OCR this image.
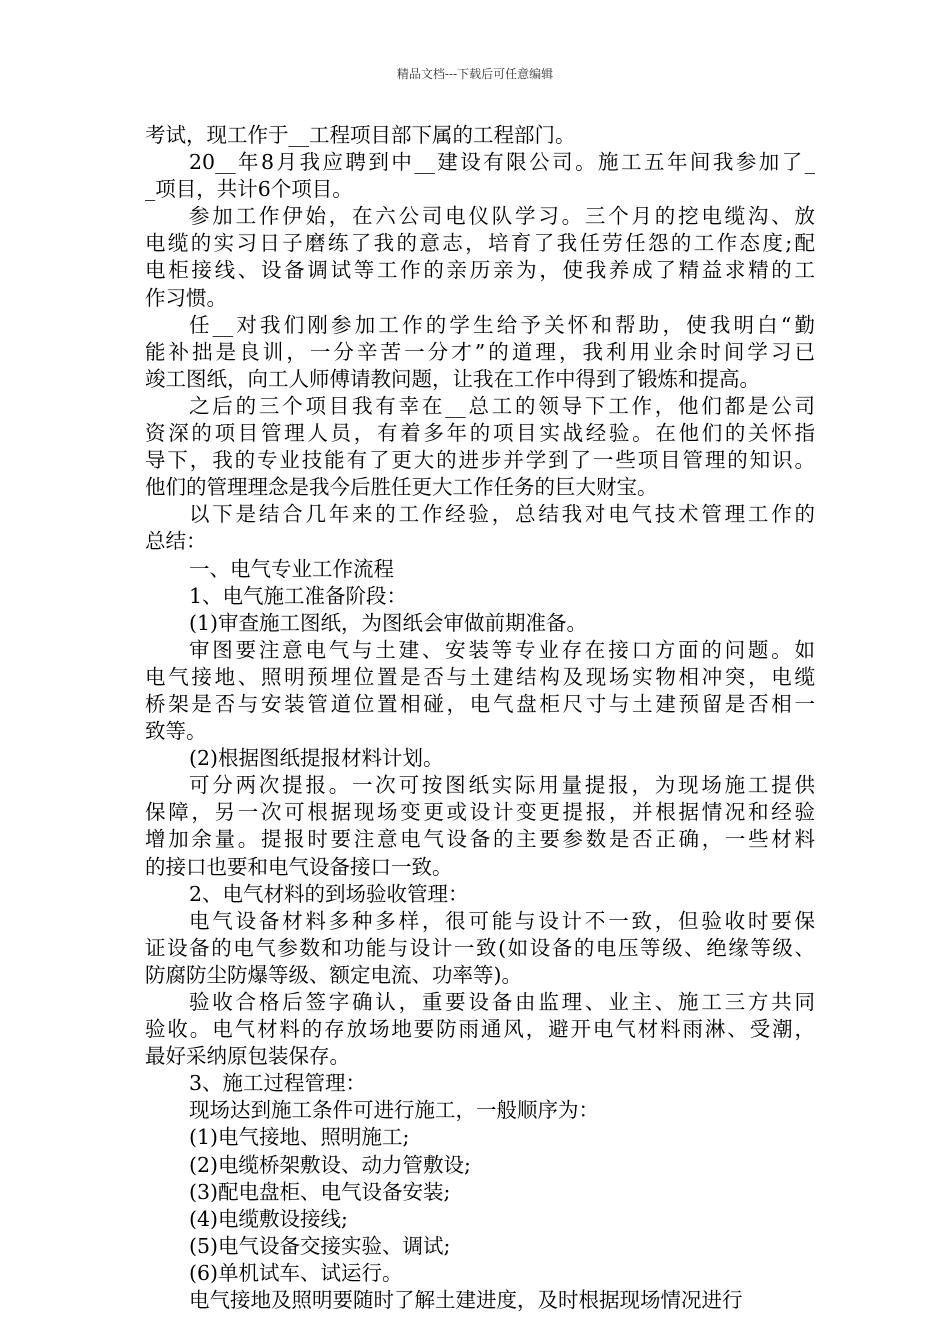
精品文档---下载后可任意编辑
考试，现工作于__工程项目部下属的工程部门。
20__年8月我应聘到中__建设有限公司。施工五年间我参加了_
_项目，共计6个项目。
参加工作伊始，在六公司电仪队学习。三个月的挖电缆沟、放
电缆的实习日子磨练了我的意志，培育了我任劳任怨的工作态度;配
电柜接线、设备调试等工作的亲历亲为，使我养成了精益求精的工
作习惯。
任__对我们刚参加工作的学生给予关怀和帮助，使我明白“勤
能补拙是良训，一分辛苦一分才”的道理，我利用业余时间学习已
竣工图纸，向工人师傅请教问题，让我在工作中得到了锻炼和提高。
之后的三个项目我有幸在__总工的领导下工作，他们都是公司
资深的项目管理人员，有着多年的项目实战经验。在他们的关怀指
导下，我的专业技能有了更大的进步并学到了一些项目管理的知识。
他们的管理理念是我今后胜任更大工作任务的巨大财宝。
以下是结合几年来的工作经验，总结我对电气技术管理工作的
总结：
一、电气专业工作流程
1、电气施工准备阶段：
(1)审查施工图纸，为图纸会审做前期准备。
审图要注意电气与土建、安装等专业存在接口方面的问题。如
电气接地、照明预埋位置是否与土建结构及现场实物相冲突，电缆
桥架是否与安装管道位置相碰，电气盘柜尺寸与土建预留是否相一
致等。
(2)根据图纸提报材料计划。
可分两次提报。一次可按图纸实际用量提报，为现场施工提供
保障，另一次可根据现场变更或设计变更提报，并根据情况和经验
增加余量。提报时要注意电气设备的主要参数是否正确，一些材料
的接口也要和电气设备接口一致。
2、电气材料的到场验收管理：
电气设备材料多种多样，很可能与设计不一致，但验收时要保
证设备的电气参数和功能与设计一致(如设备的电压等级、绝缘等级、
防腐防尘防爆等级、额定电流、功率等)。
验收合格后签字确认，重要设备由监理、业主、施工三方共同
验收。电气材料的存放场地要防雨通风，避开电气材料雨淋、受潮，
最好采纳原包装保存。
3、施工过程管理：
现场达到施工条件可进行施工，一般顺序为：
(1)电气接地、照明施工;
(2)电缆桥架敷设、动力管敷设;
(3)配电盘柜、电气设备安装;
(4)电缆敷设接线;
(5)电气设备交接实验、调试;
(6)单机试车、试运行。
电气接地及照明要随时了解土建进度，及时根据现场情况进行
